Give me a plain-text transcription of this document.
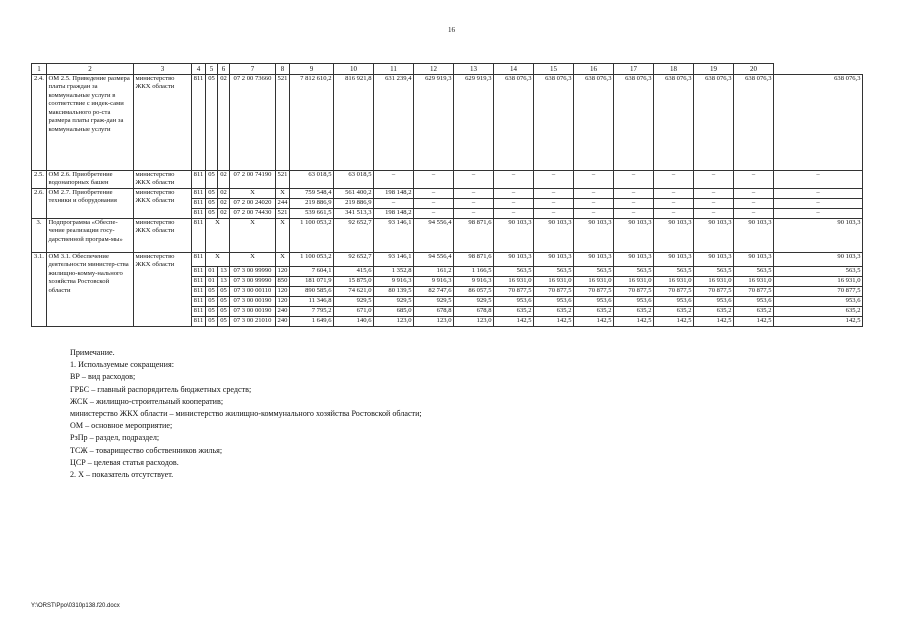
16
1	2	3	4	5	6	7	8	9	10	11	12	13	14	15	16	17	18	19	20	
2.4.	ОМ 2.5. Приведение размера платы граждан за коммунальные услуги в соответствие с индек-сами максимального ро-ста размера платы граж-дан за коммунальные услуги	министерство ЖКХ области	811	05	02	07 2 00 73660	521	7 812 610,2	816 921,8	631 239,4	629 919,3	629 919,3	638 076,3	638 076,3	638 076,3	638 076,3	638 076,3	638 076,3	638 076,3	638 076,3
2.5.	ОМ 2.6. Приобретение водонапорных башен	министерство ЖКХ области	811	05	02	07 2 00 74190	521	63 018,5	63 018,5	–	–	–	–	–	–	–	–	–	–	–
2.6.	ОМ 2.7. Приобретение техники и оборудования	министерство ЖКХ области	811	05	02	Х	Х	759 548,4	561 400,2	198 148,2	–	–	–	–	–	–	–	–	–	–
			811	05	02	07 2 00 24020	244	219 886,9	219 886,9	–	–	–	–	–	–	–	–	–	–	–
			811	05	02	07 2 00 74430	521	539 661,5	341 513,3	198 148,2	–	–	–	–	–	–	–	–	–	–
3.	Подпрограмма «Обеспе-чение реализации госу-дарственной програм-мы»	министерство ЖКХ области	811	Х		Х	Х	1 100 053,2	92 652,7	93 146,1	94 556,4	98 871,6	90 103,3	90 103,3	90 103,3	90 103,3	90 103,3	90 103,3	90 103,3	90 103,3
3.1.	ОМ 3.1. Обеспечение деятельности министер-ства жилищно-комму-нального хозяйства Ростовской области	министерство ЖКХ области	811	Х		Х	Х	1 100 053,2	92 652,7	93 146,1	94 556,4	98 871,6	90 103,3	90 103,3	90 103,3	90 103,3	90 103,3	90 103,3	90 103,3	90 103,3
			811	01	13	07 3 00 99990	120	7 604,1	415,6	1 352,8	161,2	1 166,5	563,5	563,5	563,5	563,5	563,5	563,5	563,5	563,5
			811	01	13	07 3 00 99990	850	181 071,9	15 875,0	9 916,3	9 916,3	9 916,3	16 931,0	16 931,0	16 931,0	16 931,0	16 931,0	16 931,0	16 931,0	16 931,0
			811	05	05	07 3 00 00110	120	890 585,6	74 621,0	80 139,5	82 747,6	86 057,5	70 877,5	70 877,5	70 877,5	70 877,5	70 877,5	70 877,5	70 877,5	70 877,5
			811	05	05	07 3 00 00190	120	11 346,8	929,5	929,5	929,5	929,5	953,6	953,6	953,6	953,6	953,6	953,6	953,6	953,6
			811	05	05	07 3 00 00190	240	7 795,2	671,0	685,0	678,8	678,8	635,2	635,2	635,2	635,2	635,2	635,2	635,2	635,2
			811	05	05	07 3 00 21010	240	1 649,6	140,6	123,0	123,0	123,0	142,5	142,5	142,5	142,5	142,5	142,5	142,5	142,5
Примечание.
1. Используемые сокращения:
ВР – вид расходов;
ГРБС – главный распорядитель бюджетных средств;
ЖСК – жилищно-строительный кооператив;
министерство ЖКХ области – министерство жилищно-коммунального хозяйства Ростовской области;
ОМ – основное мероприятие;
РзПр – раздел, подраздел;
ТСЖ – товарищество собственников жилья;
ЦСР – целевая статья расходов.
2. Х – показатель отсутствует.
Y:\ORST\Ppo\0310p138.f20.docx
